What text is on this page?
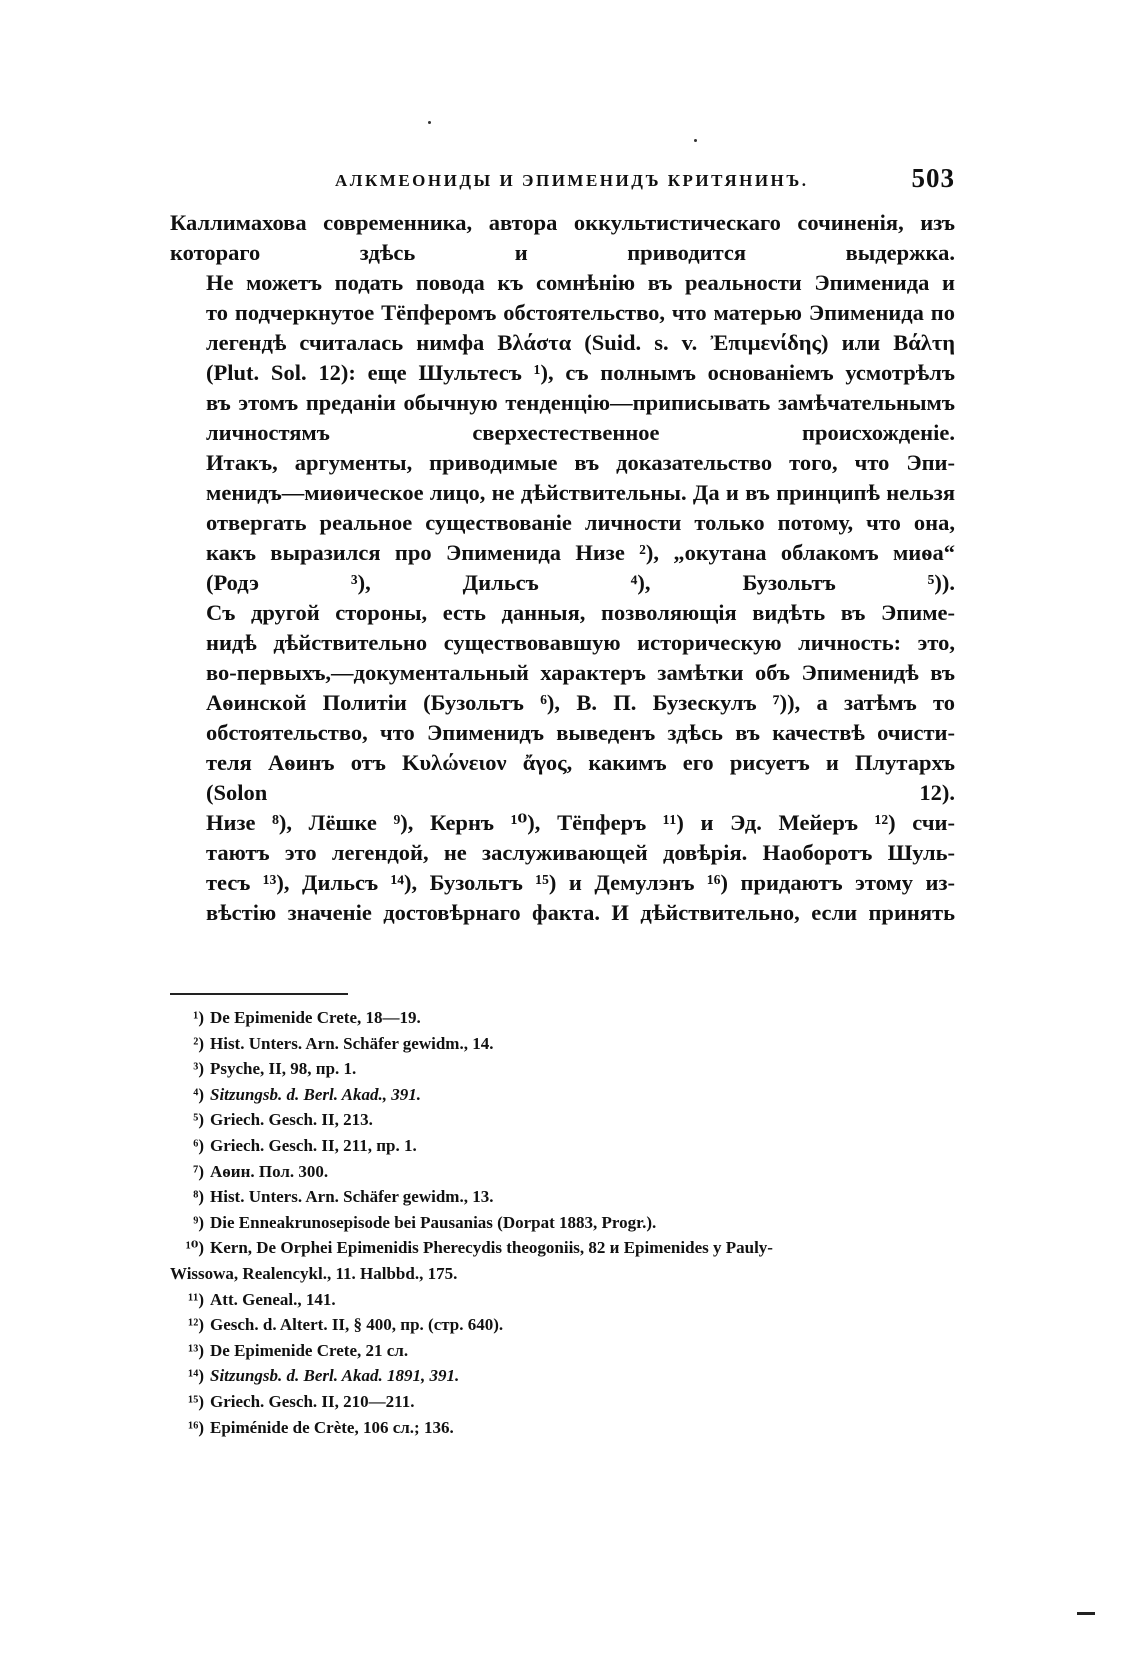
АЛКМЕОНИДЫ И ЭПИМЕНИДЪ КРИТЯНИНЪ.	503

Каллимахова современника, автора оккультистическаго сочиненія, изъ
котораго здѣсь и приводится выдержка.

Не можетъ подать повода къ сомнѣнію въ реальности Эпименида и
то подчеркнутое Тёпферомъ обстоятельство, что матерью Эпименида по
легендѣ считалась нимфа Βλάστα (Suid. s. v. Ἐπιμενίδης) или Βάλτη
(Plut. Sol. 12): еще Шультесъ ¹), съ полнымъ основаніемъ усмотрѣлъ
въ этомъ преданіи обычную тенденцію—приписывать замѣчательнымъ
личностямъ сверхестественное происхожденіе.

Итакъ, аргументы, приводимые въ доказательство того, что Эпи-
менидъ—миѳическое лицо, не дѣйствительны. Да и въ принципѣ нельзя
отвергать реальное существованіе личности только потому, что она,
какъ выразился про Эпименида Низе ²), „окутана облакомъ миѳа“
(Родэ ³), Дильсъ ⁴), Бузольтъ ⁵)).

Съ другой стороны, есть данныя, позволяющія видѣть въ Эпиме-
нидѣ дѣйствительно существовавшую историческую личность: это,
во-первыхъ,—документальный характеръ замѣтки объ Эпименидѣ въ
Аѳинской Политіи (Бузольтъ ⁶), В. П. Бузескулъ ⁷)), а затѣмъ то
обстоятельство, что Эпименидъ выведенъ здѣсь въ качествѣ очисти-
теля Аѳинъ отъ Κυλώνειον ἄγος, какимъ его рисуетъ и Плутархъ
(Solon 12).

Низе ⁸), Лёшке ⁹), Кернъ ¹⁰), Тёпферъ ¹¹) и Эд. Мейеръ ¹²) счи-
таютъ это легендой, не заслуживающей довѣрія. Наоборотъ Шуль-
тесъ ¹³), Дильсъ ¹⁴), Бузольтъ ¹⁵) и Демулэнъ ¹⁶) придаютъ этому из-
вѣстію значеніе достовѣрнаго факта. И дѣйствительно, если принять

¹) De Epimenide Crete, 18—19.
²) Hist. Unters. Arn. Schäfer gewidm., 14.
³) Psyche, II, 98, пр. 1.
⁴) Sitzungsb. d. Berl. Akad., 391.
⁵) Griech. Gesch. II, 213.
⁶) Griech. Gesch. II, 211, пр. 1.
⁷) Аѳин. Пол. 300.
⁸) Hist. Unters. Arn. Schäfer gewidm., 13.
⁹) Die Enneakrunosepisode bei Pausanias (Dorpat 1883, Progr.).
¹⁰) Kern, De Orphei Epimenidis Pherecydis theogoniis, 82 и Epimenides у Pauly-
Wissowa, Realencykl., 11. Halbbd., 175.
¹¹) Att. Geneal., 141.
¹²) Gesch. d. Altert. II, § 400, пр. (стр. 640).
¹³) De Epimenide Crete, 21 сл.
¹⁴) Sitzungsb. d. Berl. Akad. 1891, 391.
¹⁵) Griech. Gesch. II, 210—211.
¹⁶) Epiménide de Crète, 106 сл.; 136.
